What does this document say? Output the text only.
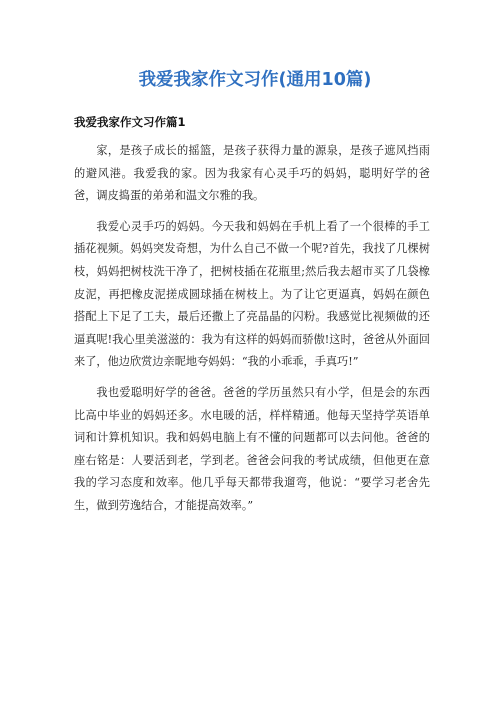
我爱我家作文习作(通用10篇)
我爱我家作文习作篇1

家，是孩子成长的摇篮，是孩子获得力量的源泉，是孩子遮风挡雨的避风港。我爱我的家。因为我家有心灵手巧的妈妈，聪明好学的爸爸，调皮捣蛋的弟弟和温文尔雅的我。

我爱心灵手巧的妈妈。今天我和妈妈在手机上看了一个很棒的手工插花视频。妈妈突发奇想，为什么自己不做一个呢?首先，我找了几棵树枝，妈妈把树枝洗干净了，把树枝插在花瓶里;然后我去超市买了几袋橡皮泥，再把橡皮泥搓成圆球插在树枝上。为了让它更逼真，妈妈在颜色搭配上下足了工夫，最后还撒上了亮晶晶的闪粉。我感觉比视频做的还逼真呢!我心里美滋滋的：我为有这样的妈妈而骄傲!这时，爸爸从外面回来了，他边欣赏边亲昵地夸妈妈：“我的小乖乖，手真巧!”

我也爱聪明好学的爸爸。爸爸的学历虽然只有小学，但是会的东西比高中毕业的妈妈还多。水电暖的活，样样精通。他每天坚持学英语单词和计算机知识。我和妈妈电脑上有不懂的问题都可以去问他。爸爸的座右铭是：人要活到老，学到老。爸爸会问我的考试成绩，但他更在意我的学习态度和效率。他几乎每天都带我遛弯，他说：“要学习老舍先生，做到劳逸结合，才能提高效率。”
